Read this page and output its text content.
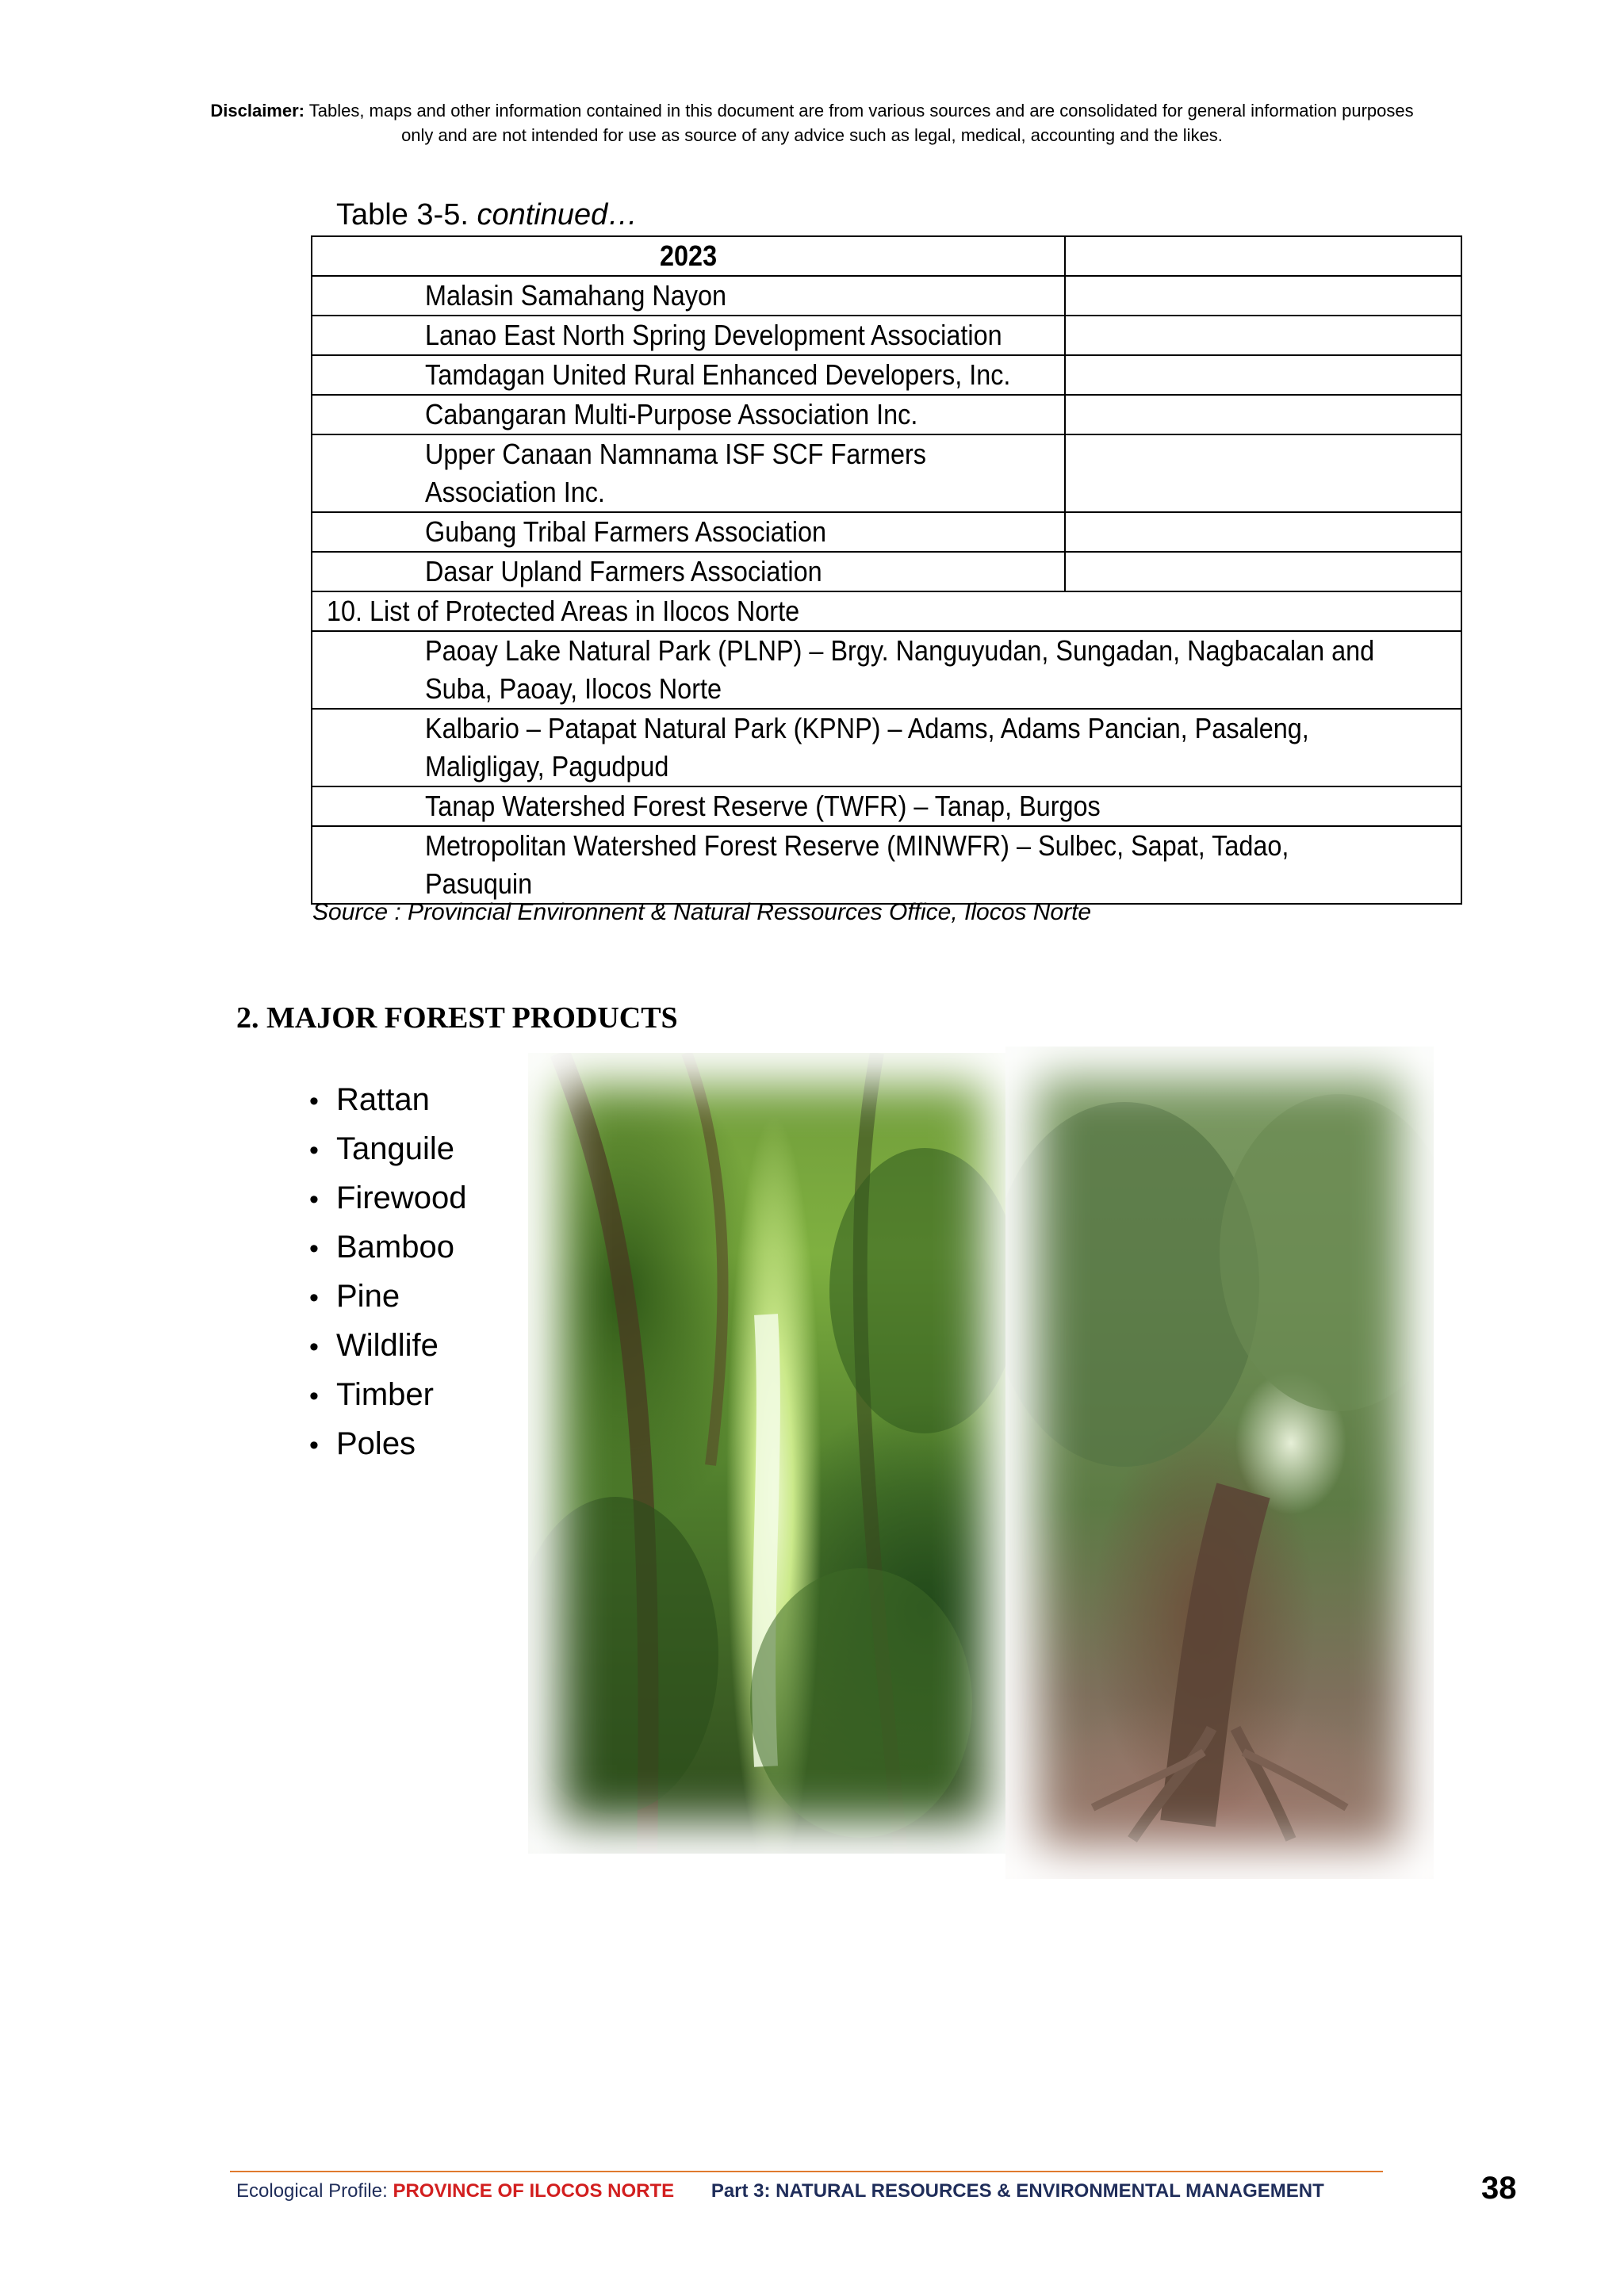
Disclaimer: Tables, maps and other information contained in this document are from various sources and are consolidated for general information purposes only and are not intended for use as source of any advice such as legal, medical, accounting and the likes.
Table 3-5. continued…
2023	
Malasin Samahang Nayon	
Lanao East North Spring Development Association	
Tamdagan United Rural Enhanced Developers, Inc.	
Cabangaran Multi-Purpose Association Inc.	
Upper Canaan Namnama ISF SCF Farmers Association Inc.	
Gubang Tribal Farmers Association	
Dasar Upland Farmers Association	
10. List of Protected Areas in Ilocos Norte	
Paoay Lake Natural Park (PLNP) – Brgy. Nanguyudan, Sungadan, Nagbacalan and Suba, Paoay, Ilocos Norte	
Kalbario – Patapat Natural Park (KPNP) – Adams, Adams Pancian, Pasaleng, Maligligay, Pagudpud	
Tanap Watershed Forest Reserve (TWFR) – Tanap, Burgos	
Metropolitan Watershed Forest Reserve (MINWFR) – Sulbec, Sapat, Tadao, Pasuquin	
Source : Provincial Environnent & Natural Ressources Office, Ilocos Norte
2. MAJOR FOREST PRODUCTS
• Rattan
• Tanguile
• Firewood
• Bamboo
• Pine
• Wildlife
• Timber
• Poles
Ecological Profile: PROVINCE OF ILOCOS NORTE Part 3: NATURAL RESOURCES & ENVIRONMENTAL MANAGEMENT	38
